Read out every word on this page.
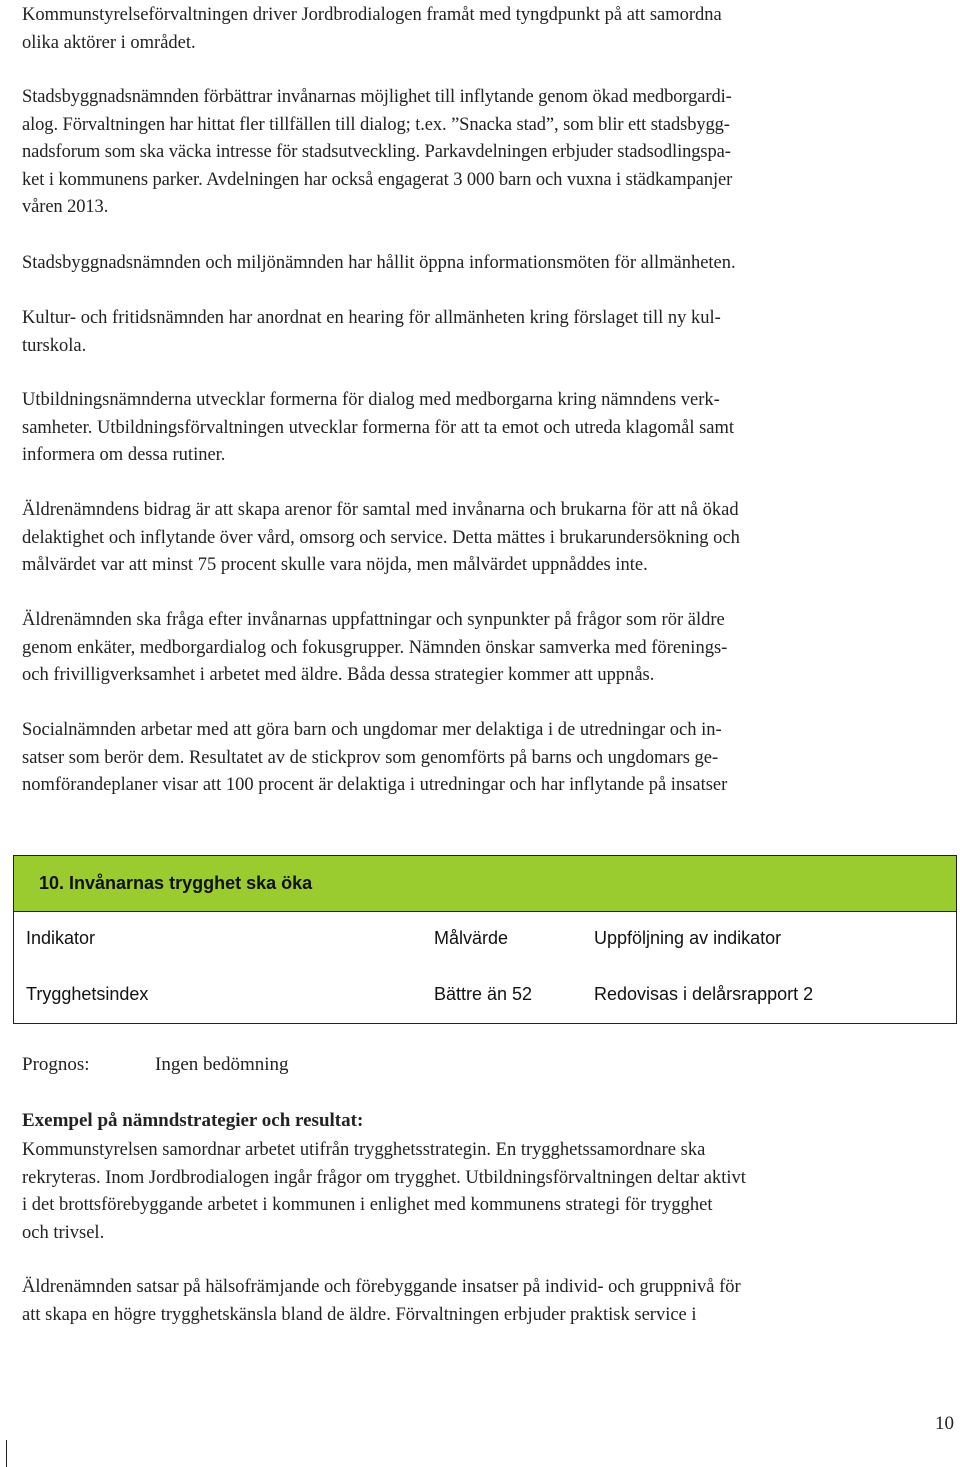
Kommunstyrelseförvaltningen driver Jordbrodialogen framåt med tyngdpunkt på att samordna
olika aktörer i området.

Stadsbyggnadsnämnden förbättrar invånarnas möjlighet till inflytande genom ökad medborgardi-
alog. Förvaltningen har hittat fler tillfällen till dialog; t.ex. ”Snacka stad”, som blir ett stadsbygg-
nadsforum som ska väcka intresse för stadsutveckling. Parkavdelningen erbjuder stadsodlingspa-
ket i kommunens parker. Avdelningen har också engagerat 3 000 barn och vuxna i städkampanjer
våren 2013.

Stadsbyggnadsnämnden och miljönämnden har hållit öppna informationsmöten för allmänheten.

Kultur- och fritidsnämnden har anordnat en hearing för allmänheten kring förslaget till ny kul-
turskola.

Utbildningsnämnderna utvecklar formerna för dialog med medborgarna kring nämndens verk-
samheter. Utbildningsförvaltningen utvecklar formerna för att ta emot och utreda klagomål samt
informera om dessa rutiner.

Äldrenämndens bidrag är att skapa arenor för samtal med invånarna och brukarna för att nå ökad
delaktighet och inflytande över vård, omsorg och service. Detta mättes i brukarundersökning och
målvärdet var att minst 75 procent skulle vara nöjda, men målvärdet uppnåddes inte.

Äldrenämnden ska fråga efter invånarnas uppfattningar och synpunkter på frågor som rör äldre
genom enkäter, medborgardialog och fokusgrupper. Nämnden önskar samverka med förenings-
och frivilligverksamhet i arbetet med äldre. Båda dessa strategier kommer att uppnås.

Socialnämnden arbetar med att göra barn och ungdomar mer delaktiga i de utredningar och in-
satser som berör dem. Resultatet av de stickprov som genomförts på barns och ungdomars ge-
nomförandeplaner visar att 100 procent är delaktiga i utredningar och har inflytande på insatser

10. Invånarnas trygghet ska öka
Indikator	Målvärde	Uppföljning av indikator
Trygghetsindex	Bättre än 52	Redovisas i delårsrapport 2
Prognos:	Ingen bedömning
Exempel på nämndstrategier och resultat:

Kommunstyrelsen samordnar arbetet utifrån trygghetsstrategin. En trygghetssamordnare ska
rekryteras. Inom Jordbrodialogen ingår frågor om trygghet. Utbildningsförvaltningen deltar aktivt
i det brottsförebyggande arbetet i kommunen i enlighet med kommunens strategi för trygghet
och trivsel.

Äldrenämnden satsar på hälsofrämjande och förebyggande insatser på individ- och gruppnivå för
att skapa en högre trygghetskänsla bland de äldre. Förvaltningen erbjuder praktisk service i

10
